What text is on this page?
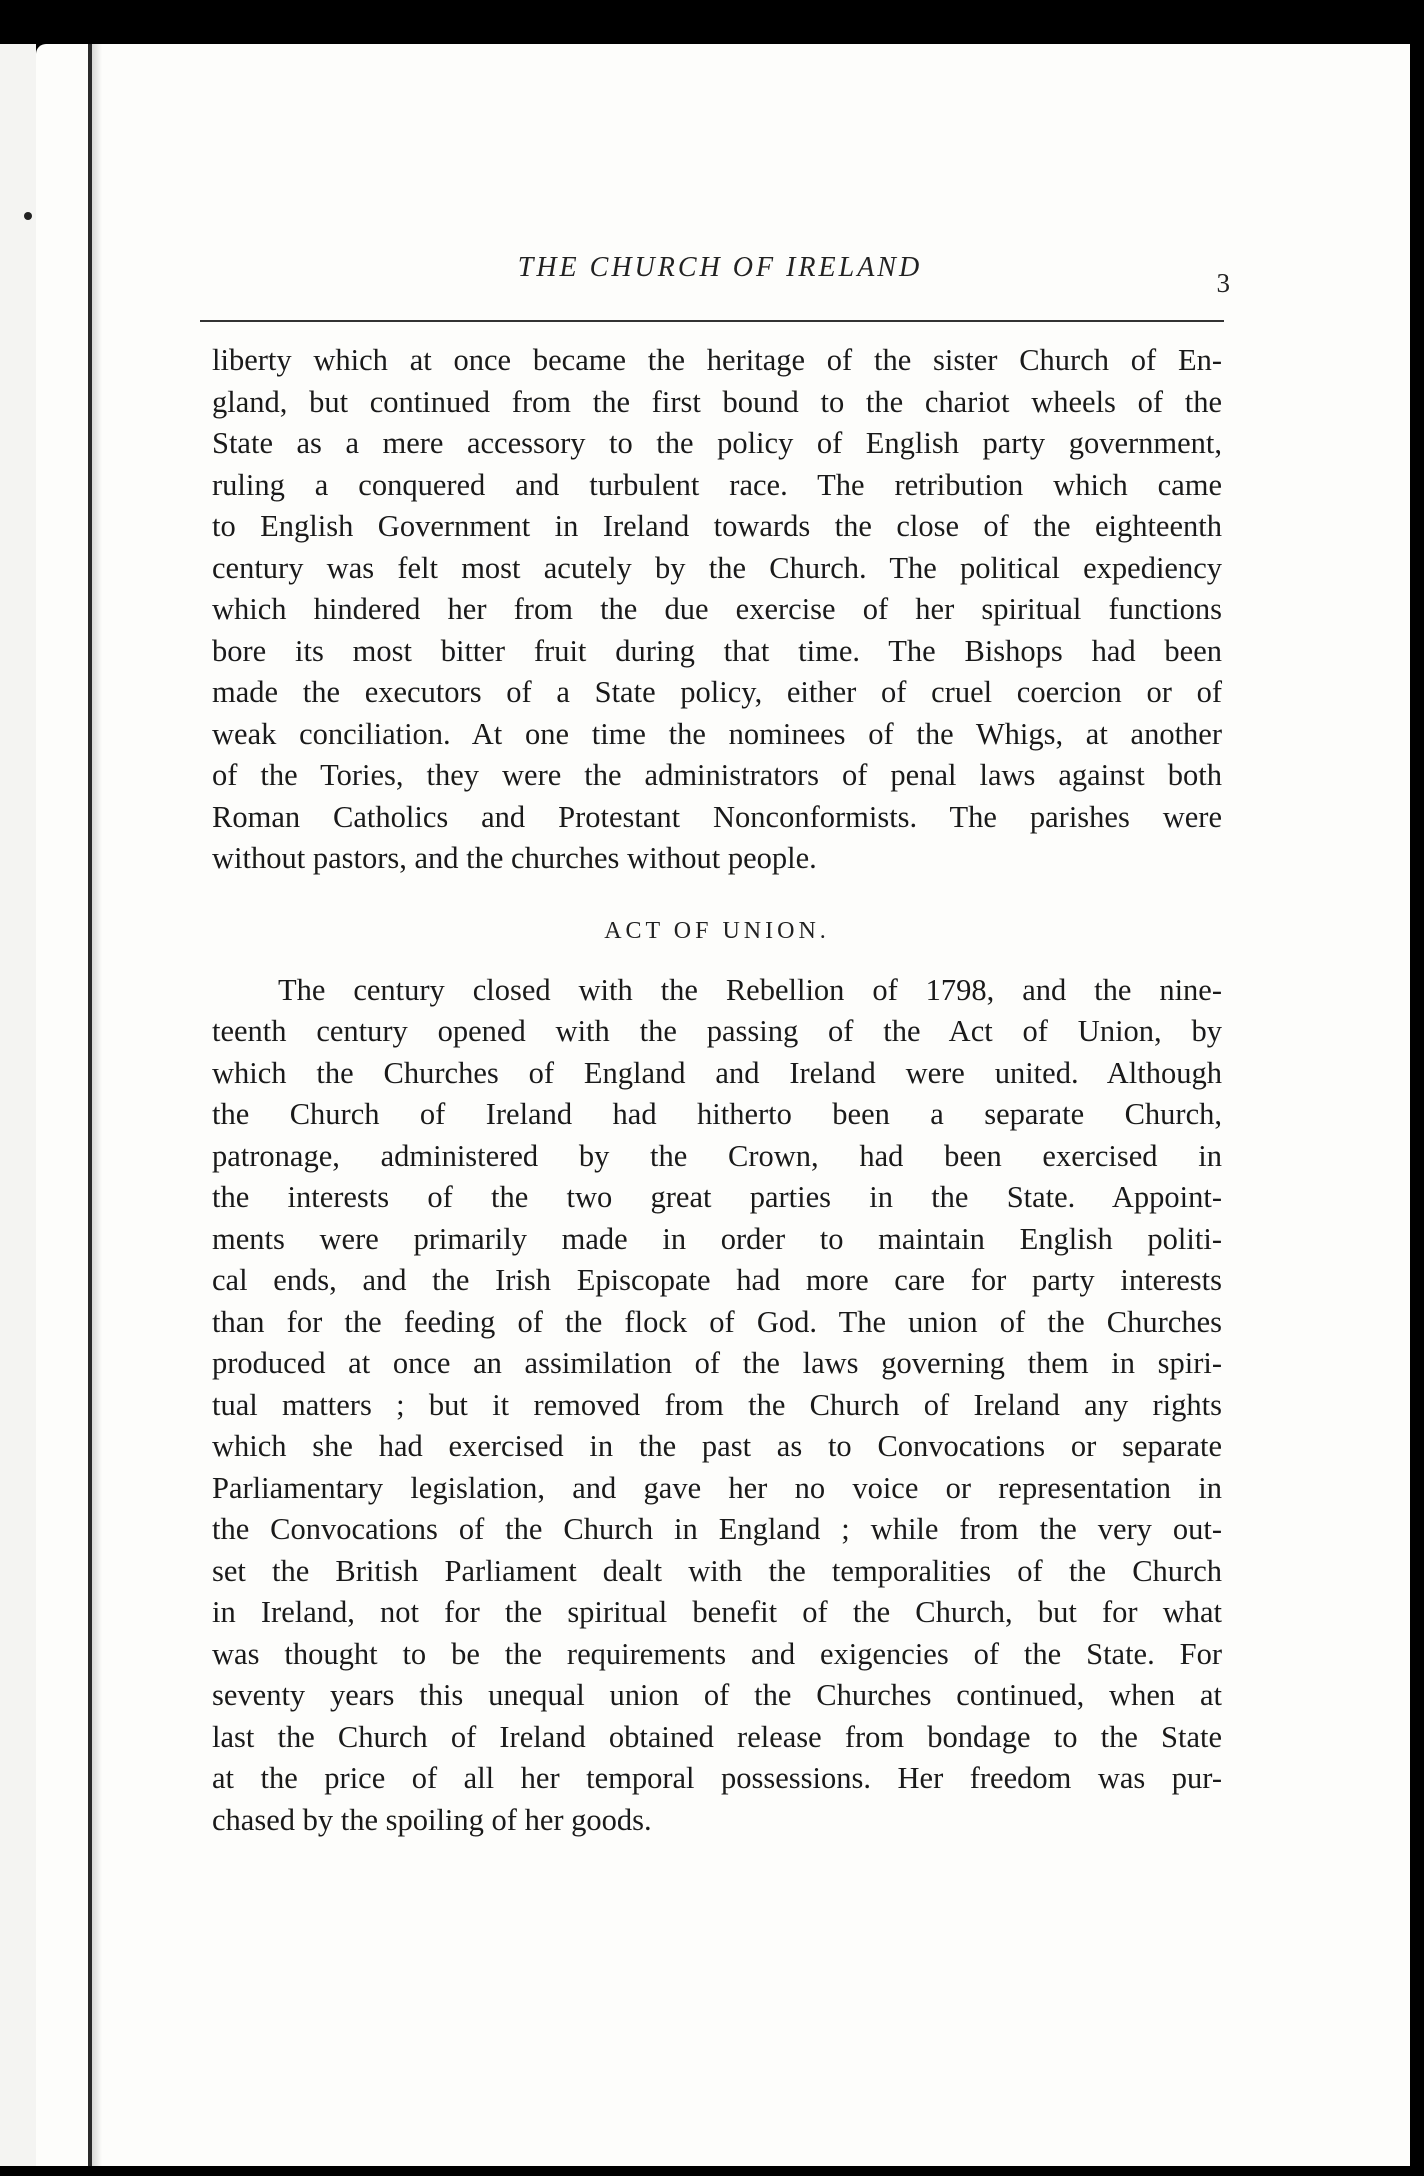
THE CHURCH OF IRELAND	3
liberty which at once became the heritage of the sister Church of En-
gland, but continued from the first bound to the chariot wheels of the
State as a mere accessory to the policy of English party government,
ruling a conquered and turbulent race. The retribution which came
to English Government in Ireland towards the close of the eighteenth
century was felt most acutely by the Church. The political expediency
which hindered her from the due exercise of her spiritual functions
bore its most bitter fruit during that time. The Bishops had been
made the executors of a State policy, either of cruel coercion or of
weak conciliation. At one time the nominees of the Whigs, at another
of the Tories, they were the administrators of penal laws against both
Roman Catholics and Protestant Nonconformists. The parishes were
without pastors, and the churches without people.
ACT OF UNION.
The century closed with the Rebellion of 1798, and the nine-
teenth century opened with the passing of the Act of Union, by
which the Churches of England and Ireland were united. Although
the Church of Ireland had hitherto been a separate Church,
patronage, administered by the Crown, had been exercised in
the interests of the two great parties in the State. Appoint-
ments were primarily made in order to maintain English politi-
cal ends, and the Irish Episcopate had more care for party interests
than for the feeding of the flock of God. The union of the Churches
produced at once an assimilation of the laws governing them in spiri-
tual matters ; but it removed from the Church of Ireland any rights
which she had exercised in the past as to Convocations or separate
Parliamentary legislation, and gave her no voice or representation in
the Convocations of the Church in England ; while from the very out-
set the British Parliament dealt with the temporalities of the Church
in Ireland, not for the spiritual benefit of the Church, but for what
was thought to be the requirements and exigencies of the State. For
seventy years this unequal union of the Churches continued, when at
last the Church of Ireland obtained release from bondage to the State
at the price of all her temporal possessions. Her freedom was pur-
chased by the spoiling of her goods.
